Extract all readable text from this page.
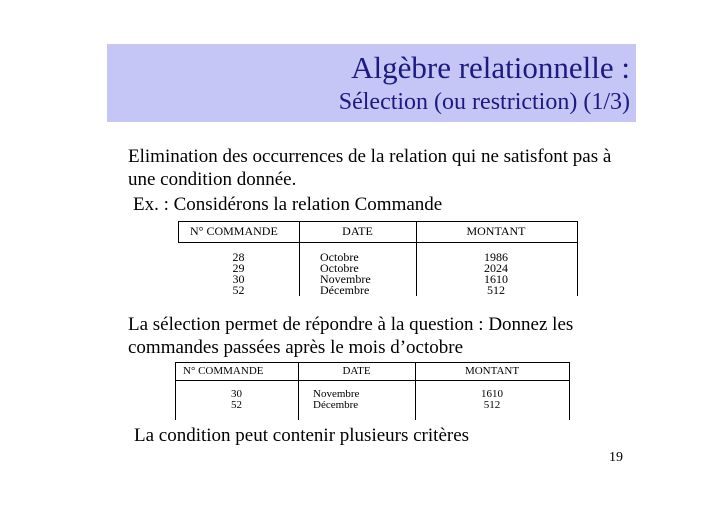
Algèbre relationnelle :
Sélection (ou restriction) (1/3)
Elimination des occurrences de la relation qui ne satisfont pas à une condition donnée.
Ex. : Considérons la relation Commande
N° COMMANDE	DATE	MONTANT
28	Octobre	1986
29	Octobre	2024
30	Novembre	1610
52	Décembre	512
La sélection permet de répondre à la question : Donnez les commandes passées après le mois d’octobre
N° COMMANDE	DATE	MONTANT
30	Novembre	1610
52	Décembre	512
La condition peut contenir plusieurs critères
19
